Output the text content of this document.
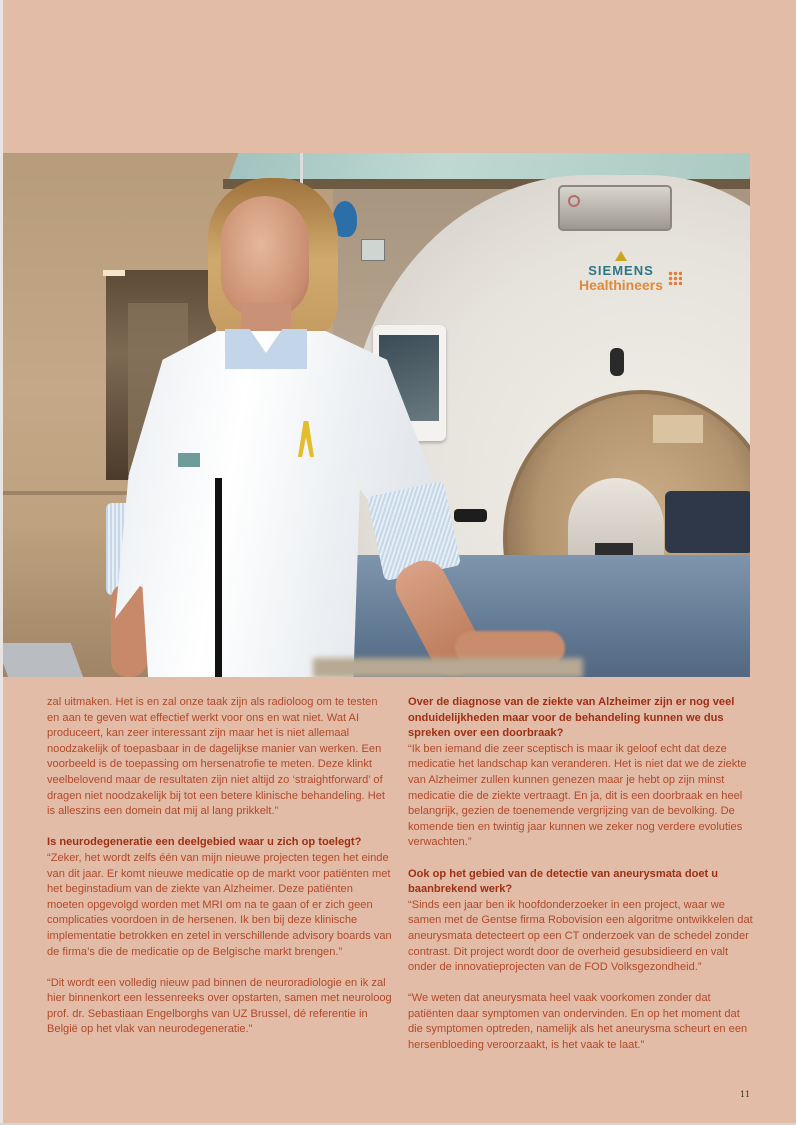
SIEMENS
Healthineers

zal uitmaken. Het is en zal onze taak zijn als radioloog om te testen en aan te geven wat effectief werkt voor ons en wat niet. Wat AI produceert, kan zeer interessant zijn maar het is niet allemaal noodzakelijk of toepasbaar in de dagelijkse manier van werken. Een voorbeeld is de toepassing om hersenatrofie te meten. Deze klinkt veelbelovend maar de resultaten zijn niet altijd zo ‘straightforward’ of dragen niet noodzakelijk bij tot een betere klinische behandeling. Het is alleszins een domein dat mij al lang prikkelt.”

Is neurodegeneratie een deelgebied waar u zich op toelegt?
“Zeker, het wordt zelfs één van mijn nieuwe projecten tegen het einde van dit jaar. Er komt nieuwe medicatie op de markt voor patiënten met het beginstadium van de ziekte van Alzheimer. Deze patiënten moeten opgevolgd worden met MRI om na te gaan of er zich geen complicaties voordoen in de hersenen. Ik ben bij deze klinische implementatie betrokken en zetel in verschillende advisory boards van de firma’s die de medicatie op de Belgische markt brengen.”

“Dit wordt een volledig nieuw pad binnen de neuroradiologie en ik zal hier binnenkort een lessenreeks over opstarten, samen met neuroloog prof. dr. Sebastiaan Engelborghs van UZ Brussel, dé referentie in België op het vlak van neurodegeneratie.”

Over de diagnose van de ziekte van Alzheimer zijn er nog veel onduidelijkheden maar voor de behandeling kunnen we dus spreken over een doorbraak?
“Ik ben iemand die zeer sceptisch is maar ik geloof echt dat deze medicatie het landschap kan veranderen. Het is niet dat we de ziekte van Alzheimer zullen kunnen genezen maar je hebt op zijn minst medicatie die de ziekte vertraagt. En ja, dit is een doorbraak en heel belangrijk, gezien de toenemende vergrijzing van de bevolking. De komende tien en twintig jaar kunnen we zeker nog verdere evoluties verwachten.”

Ook op het gebied van de detectie van aneurysmata doet u baanbrekend werk?
“Sinds een jaar ben ik hoofdonderzoeker in een project, waar we samen met de Gentse firma Robovision een algoritme ontwikkelen dat aneurysmata detecteert op een CT onderzoek van de schedel zonder contrast. Dit project wordt door de overheid gesubsidieerd en valt onder de innovatieprojecten van de FOD Volksgezondheid.”

“We weten dat aneurysmata heel vaak voorkomen zonder dat patiënten daar symptomen van ondervinden. En op het moment dat die symptomen optreden, namelijk als het aneurysma scheurt en een hersenbloeding veroorzaakt, is het vaak te laat.”

11
